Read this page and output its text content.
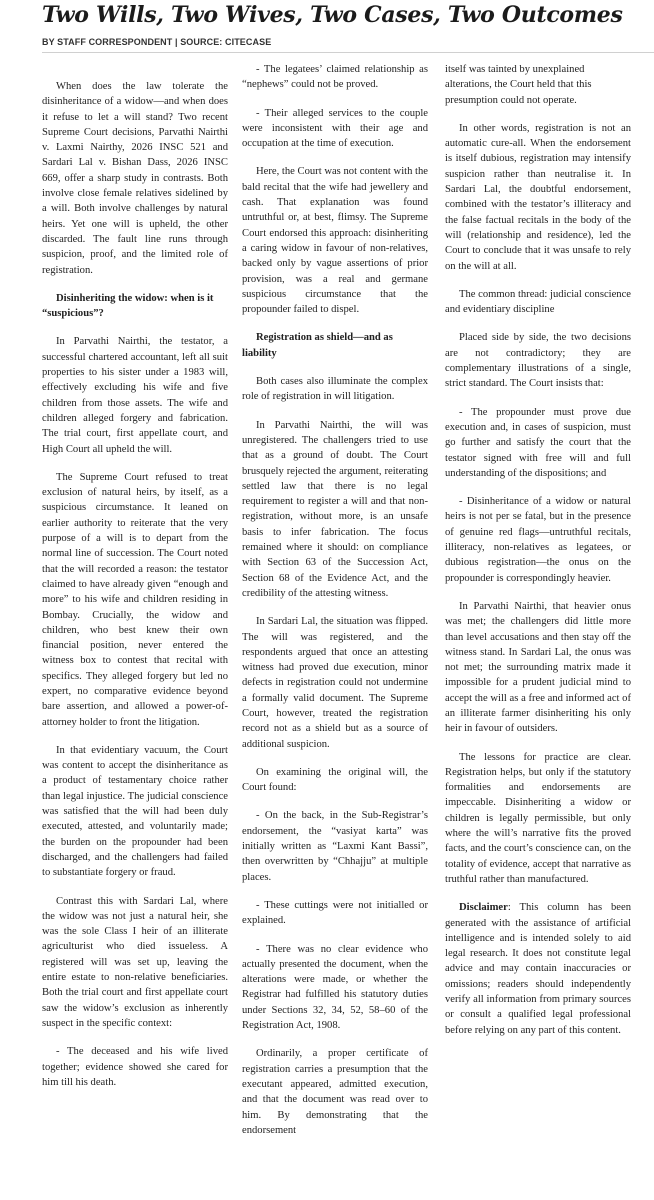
Two Wills, Two Wives, Two Cases, Two Outcomes
BY STAFF CORRESPONDENT | SOURCE: CITECASE

When does the law tolerate the disinheritance of a widow—and when does it refuse to let a will stand? Two recent Supreme Court decisions, Parvathi Nairthi v. Laxmi Nairthy, 2026 INSC 521 and Sardari Lal v. Bishan Dass, 2026 INSC 669, offer a sharp study in contrasts. Both involve close female relatives sidelined by a will. Both involve challenges by natural heirs. Yet one will is upheld, the other discarded. The fault line runs through suspicion, proof, and the limited role of registration.

Disinheriting the widow: when is it “suspicious”?

In Parvathi Nairthi, the testator, a successful chartered accountant, left all suit properties to his sister under a 1983 will, effectively excluding his wife and five children from those assets. The wife and children alleged forgery and fabrication. The trial court, first appellate court, and High Court all upheld the will.

The Supreme Court refused to treat exclusion of natural heirs, by itself, as a suspicious circumstance. It leaned on earlier authority to reiterate that the very purpose of a will is to depart from the normal line of succession. The Court noted that the will recorded a reason: the testator claimed to have already given “enough and more” to his wife and children residing in Bombay. Crucially, the widow and children, who best knew their own financial position, never entered the witness box to contest that recital with specifics. They alleged forgery but led no expert, no comparative evidence beyond bare assertion, and allowed a power-of-attorney holder to front the litigation.

In that evidentiary vacuum, the Court was content to accept the disinheritance as a product of testamentary choice rather than legal injustice. The judicial conscience was satisfied that the will had been duly executed, attested, and voluntarily made; the burden on the propounder had been discharged, and the challengers had failed to substantiate forgery or fraud.

Contrast this with Sardari Lal, where the widow was not just a natural heir, she was the sole Class I heir of an illiterate agriculturist who died issueless. A registered will was set up, leaving the entire estate to non-relative beneficiaries. Both the trial court and first appellate court saw the widow’s exclusion as inherently suspect in the specific context:

- The deceased and his wife lived together; evidence showed she cared for him till his death.

- The legatees’ claimed relationship as “nephews” could not be proved.

- Their alleged services to the couple were inconsistent with their age and occupation at the time of execution.

Here, the Court was not content with the bald recital that the wife had jewellery and cash. That explanation was found untruthful or, at best, flimsy. The Supreme Court endorsed this approach: disinheriting a caring widow in favour of non-relatives, backed only by vague assertions of prior provision, was a real and germane suspicious circumstance that the propounder failed to dispel.

Registration as shield—and as liability

Both cases also illuminate the complex role of registration in will litigation.

In Parvathi Nairthi, the will was unregistered. The challengers tried to use that as a ground of doubt. The Court brusquely rejected the argument, reiterating settled law that there is no legal requirement to register a will and that non-registration, without more, is an unsafe basis to infer fabrication. The focus remained where it should: on compliance with Section 63 of the Succession Act, Section 68 of the Evidence Act, and the credibility of the attesting witness.

In Sardari Lal, the situation was flipped. The will was registered, and the respondents argued that once an attesting witness had proved due execution, minor defects in registration could not undermine a formally valid document. The Supreme Court, however, treated the registration record not as a shield but as a source of additional suspicion.

On examining the original will, the Court found:

- On the back, in the Sub-Registrar’s endorsement, the “vasiyat karta” was initially written as “Laxmi Kant Bassi”, then overwritten by “Chhajju” at multiple places.

- These cuttings were not initialled or explained.

- There was no clear evidence who actually presented the document, when the alterations were made, or whether the Registrar had fulfilled his statutory duties under Sections 32, 34, 52, 58–60 of the Registration Act, 1908.

Ordinarily, a proper certificate of registration carries a presumption that the executant appeared, admitted execution, and that the document was read over to him. By demonstrating that the endorsement

itself was tainted by unexplained alterations, the Court held that this presumption could not operate.

In other words, registration is not an automatic cure-all. When the endorsement is itself dubious, registration may intensify suspicion rather than neutralise it. In Sardari Lal, the doubtful endorsement, combined with the testator’s illiteracy and the false factual recitals in the body of the will (relationship and residence), led the Court to conclude that it was unsafe to rely on the will at all.

The common thread: judicial conscience and evidentiary discipline

Placed side by side, the two decisions are not contradictory; they are complementary illustrations of a single, strict standard. The Court insists that:

- The propounder must prove due execution and, in cases of suspicion, must go further and satisfy the court that the testator signed with free will and full understanding of the dispositions; and

- Disinheritance of a widow or natural heirs is not per se fatal, but in the presence of genuine red flags—untruthful recitals, illiteracy, non-relatives as legatees, or dubious registration—the onus on the propounder is correspondingly heavier.

In Parvathi Nairthi, that heavier onus was met; the challengers did little more than level accusations and then stay off the witness stand. In Sardari Lal, the onus was not met; the surrounding matrix made it impossible for a prudent judicial mind to accept the will as a free and informed act of an illiterate farmer disinheriting his only heir in favour of outsiders.

The lessons for practice are clear. Registration helps, but only if the statutory formalities and endorsements are impeccable. Disinheriting a widow or children is legally permissible, but only where the will’s narrative fits the proved facts, and the court’s conscience can, on the totality of evidence, accept that narrative as truthful rather than manufactured.

Disclaimer: This column has been generated with the assistance of artificial intelligence and is intended solely to aid legal research. It does not constitute legal advice and may contain inaccuracies or omissions; readers should independently verify all information from primary sources or consult a qualified legal professional before relying on any part of this content.
